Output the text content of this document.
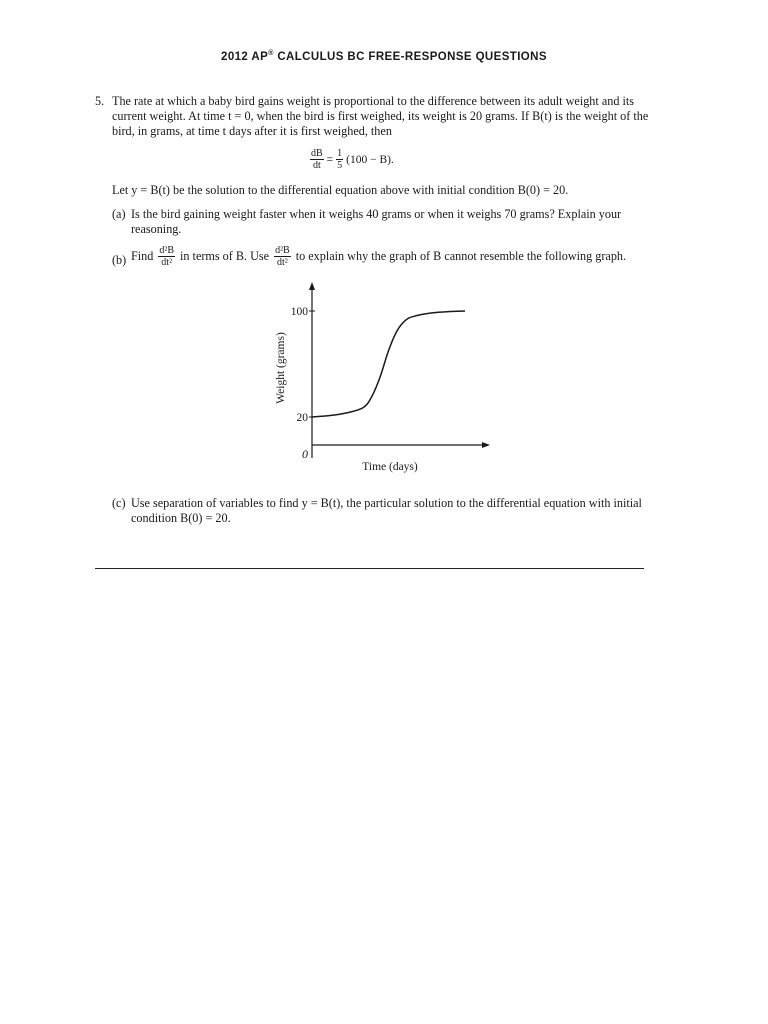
2012 AP® CALCULUS BC FREE-RESPONSE QUESTIONS
5. The rate at which a baby bird gains weight is proportional to the difference between its adult weight and its current weight. At time t = 0, when the bird is first weighed, its weight is 20 grams. If B(t) is the weight of the bird, in grams, at time t days after it is first weighed, then
$\frac{dB}{dt} = \frac{1}{5} (100 - B)$.
Let y = B(t) be the solution to the differential equation above with initial condition B(0) = 20.
(a) Is the bird gaining weight faster when it weighs 40 grams or when it weighs 70 grams? Explain your reasoning.
(b) Find $\frac{\text{d²B}}{\text{dt²}}$ in terms of B. Use $\frac{\text{d²B}}{\text{dt²}}$ to explain why the graph of B cannot resemble the following graph.
20
100
0
Time (days)
Weight (grams)
(c) Use separation of variables to find y = B(t), the particular solution to the differential equation with initial condition B(0) = 20.
